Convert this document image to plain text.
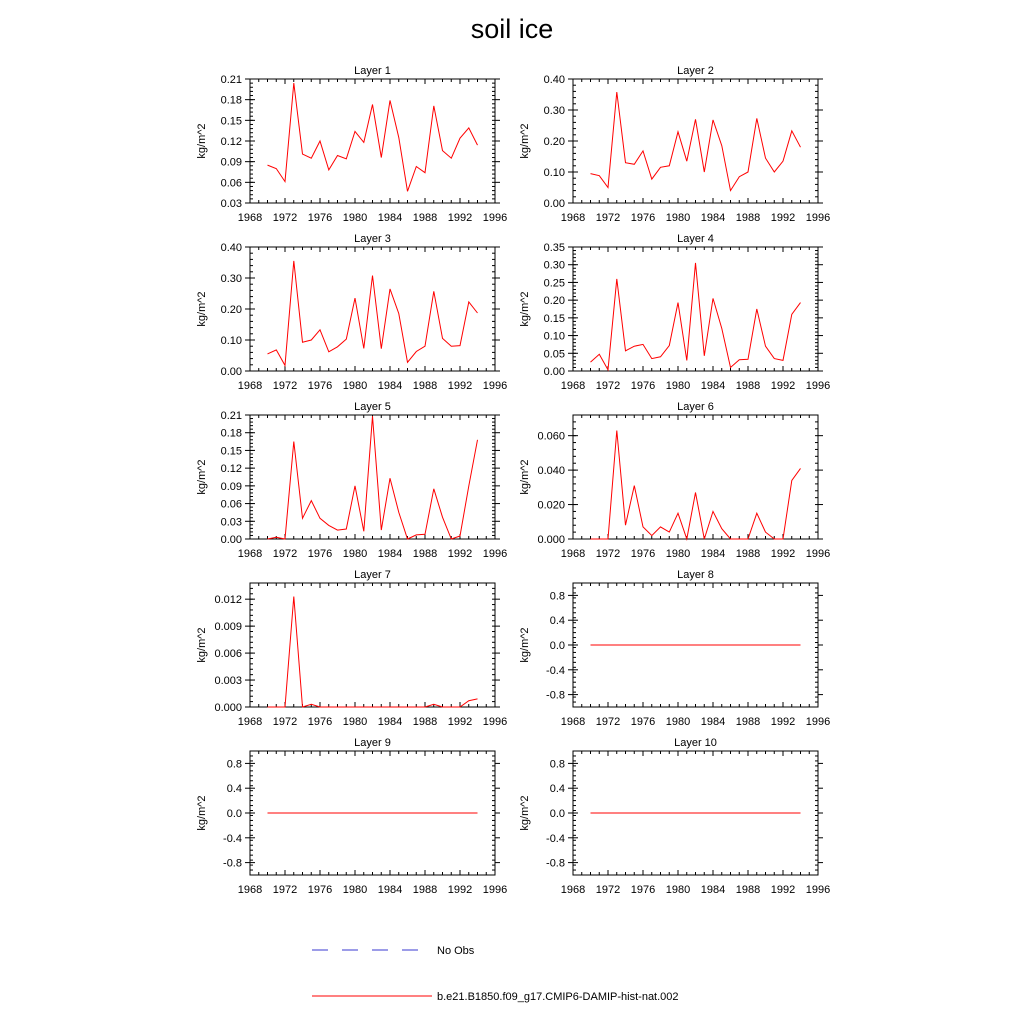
soil ice
Layer 1
kg/m^2
1968 1972 1976 1980 1984 1988 1992 1996
0.03
0.06
0.09
0.12
0.15
0.18
0.21
Layer 2
kg/m^2
1968 1972 1976 1980 1984 1988 1992 1996
0.00
0.10
0.20
0.30
0.40
Layer 3
kg/m^2
1968 1972 1976 1980 1984 1988 1992 1996
0.00
0.10
0.20
0.30
0.40
Layer 4
kg/m^2
1968 1972 1976 1980 1984 1988 1992 1996
0.00
0.05
0.10
0.15
0.20
0.25
0.30
0.35
Layer 5
kg/m^2
1968 1972 1976 1980 1984 1988 1992 1996
0.00
0.03
0.06
0.09
0.12
0.15
0.18
0.21
Layer 6
kg/m^2
1968 1972 1976 1980 1984 1988 1992 1996
0.000
0.020
0.040
0.060
Layer 7
kg/m^2
1968 1972 1976 1980 1984 1988 1992 1996
0.000
0.003
0.006
0.009
0.012
Layer 8
kg/m^2
1968 1972 1976 1980 1984 1988 1992 1996
-0.8
-0.4
0.0
0.4
0.8
Layer 9
kg/m^2
1968 1972 1976 1980 1984 1988 1992 1996
-0.8
-0.4
0.0
0.4
0.8
Layer 10
kg/m^2
1968 1972 1976 1980 1984 1988 1992 1996
-0.8
-0.4
0.0
0.4
0.8
No Obs
b.e21.B1850.f09_g17.CMIP6-DAMIP-hist-nat.002
